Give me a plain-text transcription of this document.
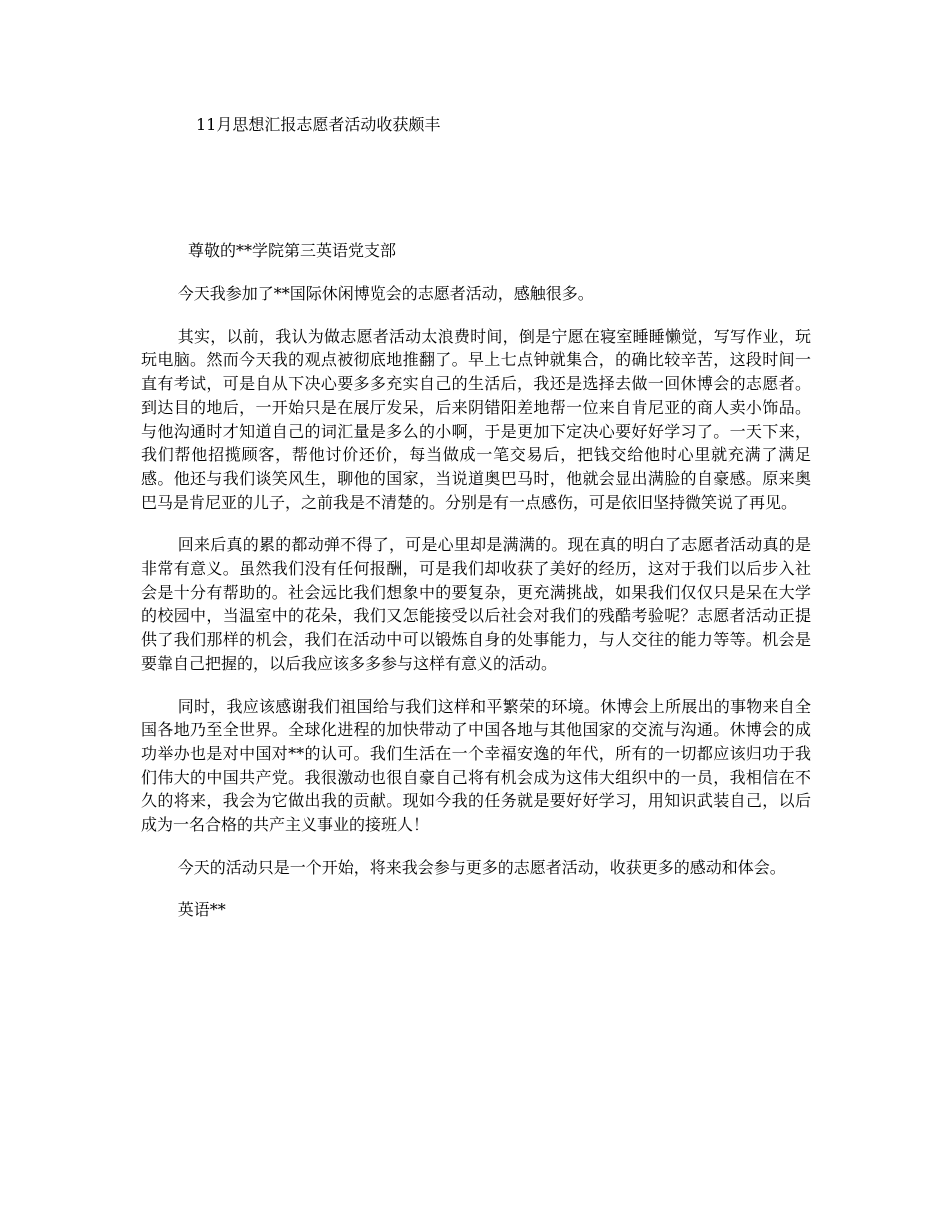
11月思想汇报志愿者活动收获颇丰

尊敬的**学院第三英语党支部

今天我参加了**国际休闲博览会的志愿者活动，感触很多。

其实，以前，我认为做志愿者活动太浪费时间，倒是宁愿在寝室睡睡懒觉，写写作业，玩玩电脑。然而今天我的观点被彻底地推翻了。早上七点钟就集合，的确比较辛苦，这段时间一直有考试，可是自从下决心要多多充实自己的生活后，我还是选择去做一回休博会的志愿者。到达目的地后，一开始只是在展厅发呆，后来阴错阳差地帮一位来自肯尼亚的商人卖小饰品。与他沟通时才知道自己的词汇量是多么的小啊，于是更加下定决心要好好学习了。一天下来，我们帮他招揽顾客，帮他讨价还价，每当做成一笔交易后，把钱交给他时心里就充满了满足感。他还与我们谈笑风生，聊他的国家，当说道奥巴马时，他就会显出满脸的自豪感。原来奥巴马是肯尼亚的儿子，之前我是不清楚的。分别是有一点感伤，可是依旧坚持微笑说了再见。

回来后真的累的都动弹不得了，可是心里却是满满的。现在真的明白了志愿者活动真的是非常有意义。虽然我们没有任何报酬，可是我们却收获了美好的经历，这对于我们以后步入社会是十分有帮助的。社会远比我们想象中的要复杂，更充满挑战，如果我们仅仅只是呆在大学的校园中，当温室中的花朵，我们又怎能接受以后社会对我们的残酷考验呢？志愿者活动正提供了我们那样的机会，我们在活动中可以锻炼自身的处事能力，与人交往的能力等等。机会是要靠自己把握的，以后我应该多多参与这样有意义的活动。

同时，我应该感谢我们祖国给与我们这样和平繁荣的环境。休博会上所展出的事物来自全国各地乃至全世界。全球化进程的加快带动了中国各地与其他国家的交流与沟通。休博会的成功举办也是对中国对**的认可。我们生活在一个幸福安逸的年代，所有的一切都应该归功于我们伟大的中国共产党。我很激动也很自豪自己将有机会成为这伟大组织中的一员，我相信在不久的将来，我会为它做出我的贡献。现如今我的任务就是要好好学习，用知识武装自己，以后成为一名合格的共产主义事业的接班人！

今天的活动只是一个开始，将来我会参与更多的志愿者活动，收获更多的感动和体会。

英语**
